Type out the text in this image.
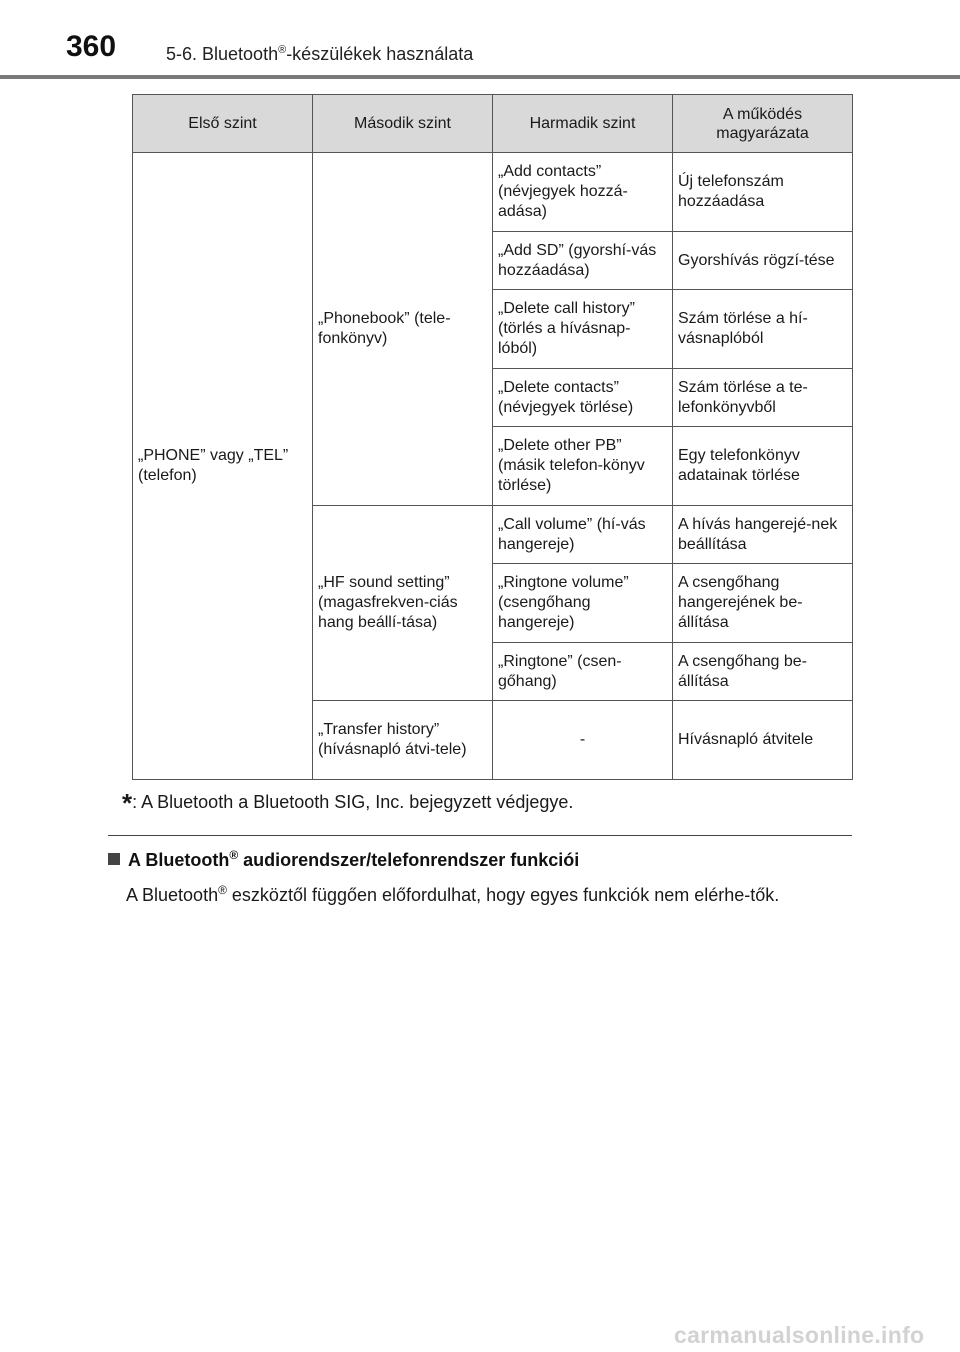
360	5-6. Bluetooth®-készülékek használata
Első szint	Második szint	Harmadik szint	A működés magyarázata
„PHONE” vagy „TEL” (telefon)	„Phonebook” (tele-fonkönyv)	„Add contacts” (névjegyek hozzá-adása)	Új telefonszám hozzáadása
		„Add SD” (gyorshí-vás hozzáadása)	Gyorshívás rögzí-tése
		„Delete call history” (törlés a hívásnap-lóból)	Szám törlése a hí-vásnaplóból
		„Delete contacts” (névjegyek törlése)	Szám törlése a te-lefonkönyvből
		„Delete other PB” (másik telefon-könyv törlése)	Egy telefonkönyv adatainak törlése
	„HF sound setting” (magasfrekven-ciás hang beállí-tása)	„Call volume” (hí-vás hangereje)	A hívás hangerejé-nek beállítása
		„Ringtone volume” (csengőhang hangereje)	A csengőhang hangerejének be-állítása
		„Ringtone” (csen-gőhang)	A csengőhang be-állítása
	„Transfer history” (hívásnapló átvi-tele)	-	Hívásnapló átvitele
*: A Bluetooth a Bluetooth SIG, Inc. bejegyzett védjegye.
A Bluetooth® audiorendszer/telefonrendszer funkciói
A Bluetooth® eszköztől függően előfordulhat, hogy egyes funkciók nem elérhe-tők.
carmanualsonline.info
